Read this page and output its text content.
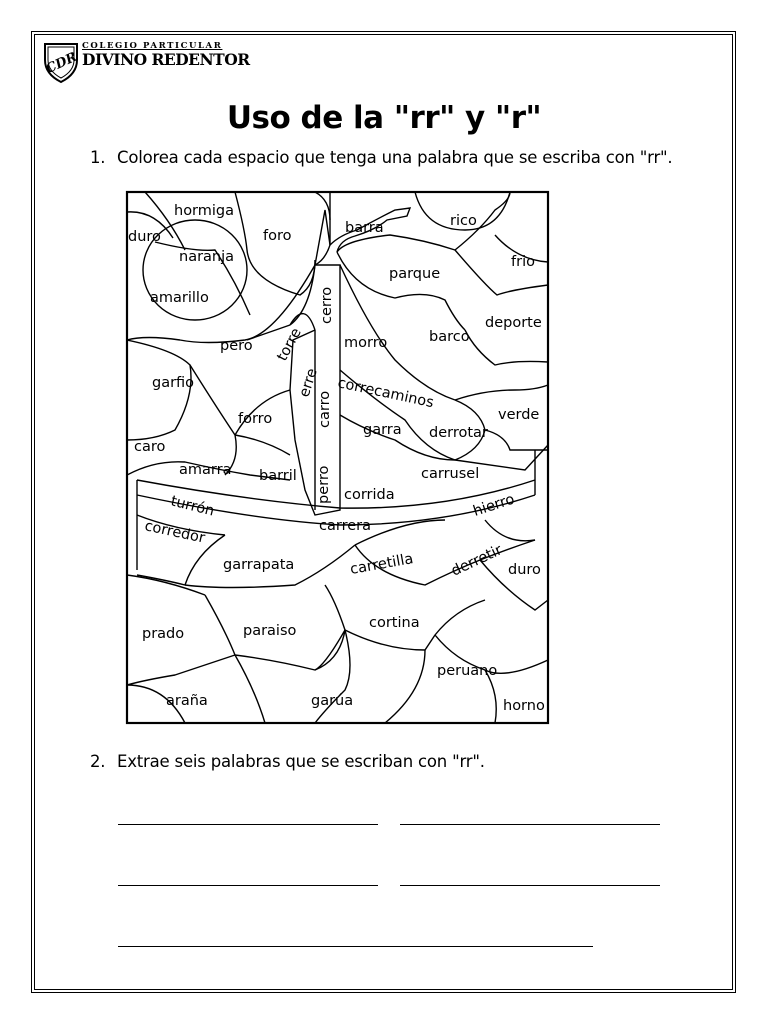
CDR
COLEGIO PARTICULAR
DIVINO REDENTOR
Uso de la "rr" y "r"
1. Colorea cada espacio que tenga una palabra que se escriba con "rr".
hormiga
duro
naranja
amarillo
foro	barra	rico
frio
parque
cerro
torre
pero	morro	barco
deporte
garfio	erre
carro correcaminos
forro
garra derrotar
verde
caro
amarra barril perro corrida
carrusel
hierro
turrón
carrera
corredor
garrapata	carretilla derretir duro
prado	paraiso	cortina
peruano
araña	garúa	horno
2. Extrae seis palabras que se escriban con "rr".
